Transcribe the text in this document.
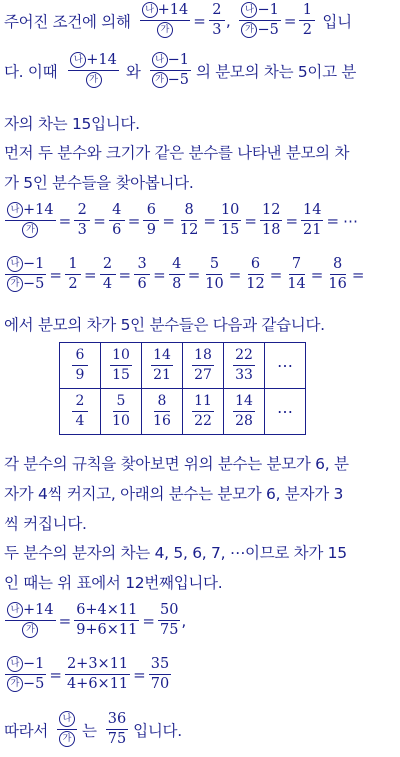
주어진 조건에 의해 $\frac{\text{나 +14}}{\text{가}} = \frac{2}{3}$ , $\frac{\text{나 −1}}{\text{가 −5}} = \frac{1}{2}$ 입니
다. 이때 $\frac{\text{나 +14}}{\text{가}}$ 와 $\frac{\text{나 −1}}{\text{가 −5}}$ 의 분모의 차는 5이고 분
자의 차는 15입니다.
먼저 두 분수와 크기가 같은 분수를 나타낸 분모의 차
가 5인 분수들을 찾아봅니다.
$\frac{\text{나 +14}}{\text{가}} = \frac{2}{3} = \frac{4}{6} = \frac{6}{9} = \frac{8}{12} = \frac{10}{15} = \frac{12}{18} = \frac{14}{21}$ = ⋯
$\frac{\text{나 −1}}{\text{가 −5}} = \frac{1}{2} = \frac{2}{4} = \frac{3}{6} = \frac{4}{8} = \frac{5}{10} = \frac{6}{12} = \frac{7}{14} = \frac{8}{16}$ =
에서 분모의 차가 5인 분수들은 다음과 같습니다.
$\frac{6}{9}$	$\frac{10}{15}$	$\frac{14}{21}$	$\frac{18}{27}$	$\frac{22}{33}$	⋯

$\frac{2}{4}$	$\frac{5}{10}$	$\frac{8}{16}$	$\frac{11}{22}$	$\frac{14}{28}$	⋯
각 분수의 규칙을 찾아보면 위의 분수는 분모가 6, 분
자가 4씩 커지고, 아래의 분수는 분모가 6, 분자가 3
씩 커집니다.
두 분수의 분자의 차는 4, 5, 6, 7, ⋯이므로 차가 15
인 때는 위 표에서 12번째입니다.
$\frac{\text{나 +14}}{\text{가}} = \frac{6+4\times 11}{9+6\times 11} = \frac{50}{75}$ ,
$\frac{\text{나 −1}}{\text{가 −5}} = \frac{2+3\times 11}{4+6\times 11} = \frac{35}{70}$
따라서 $\frac{\text{나}}{\text{가}}$ 는 $\frac{36}{75}$ 입니다.
